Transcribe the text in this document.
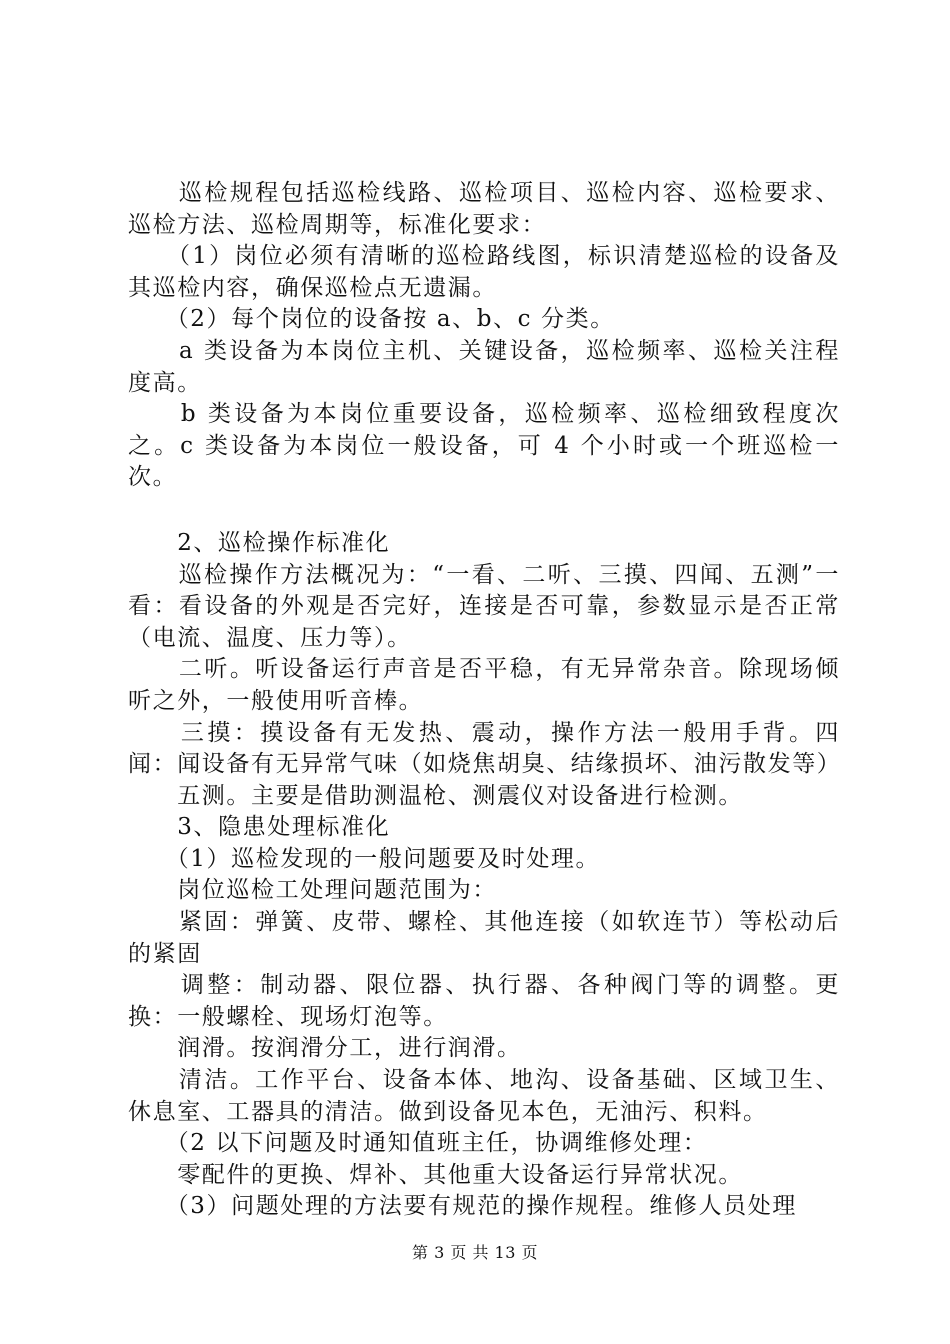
　　巡检规程包括巡检线路、巡检项目、巡检内容、巡检要求、巡检方法、巡检周期等，标准化要求：

　　（1）岗位必须有清晰的巡检路线图，标识清楚巡检的设备及其巡检内容，确保巡检点无遗漏。

　　（2）每个岗位的设备按 a、b、c 分类。

　　a 类设备为本岗位主机、关键设备，巡检频率、巡检关注程度高。

　　b 类设备为本岗位重要设备，巡检频率、巡检细致程度次之。c 类设备为本岗位一般设备，可 4 个小时或一个班巡检一次。

　　2、巡检操作标准化

　　巡检操作方法概况为：“一看、二听、三摸、四闻、五测”一看：看设备的外观是否完好，连接是否可靠，参数显示是否正常（电流、温度、压力等）。

　　二听。听设备运行声音是否平稳，有无异常杂音。除现场倾听之外，一般使用听音棒。

　　三摸：摸设备有无发热、震动，操作方法一般用手背。四闻：闻设备有无异常气味（如烧焦胡臭、结缘损坏、油污散发等）

　　五测。主要是借助测温枪、测震仪对设备进行检测。

　　3、隐患处理标准化

　　（1）巡检发现的一般问题要及时处理。

　　岗位巡检工处理问题范围为：

　　紧固：弹簧、皮带、螺栓、其他连接（如软连节）等松动后的紧固

　　调整：制动器、限位器、执行器、各种阀门等的调整。更换：一般螺栓、现场灯泡等。

　　润滑。按润滑分工，进行润滑。

　　清洁。工作平台、设备本体、地沟、设备基础、区域卫生、休息室、工器具的清洁。做到设备见本色，无油污、积料。

　　（2 以下问题及时通知值班主任，协调维修处理：

　　零配件的更换、焊补、其他重大设备运行异常状况。

　　（3）问题处理的方法要有规范的操作规程。维修人员处理

第 3 页 共 13 页
